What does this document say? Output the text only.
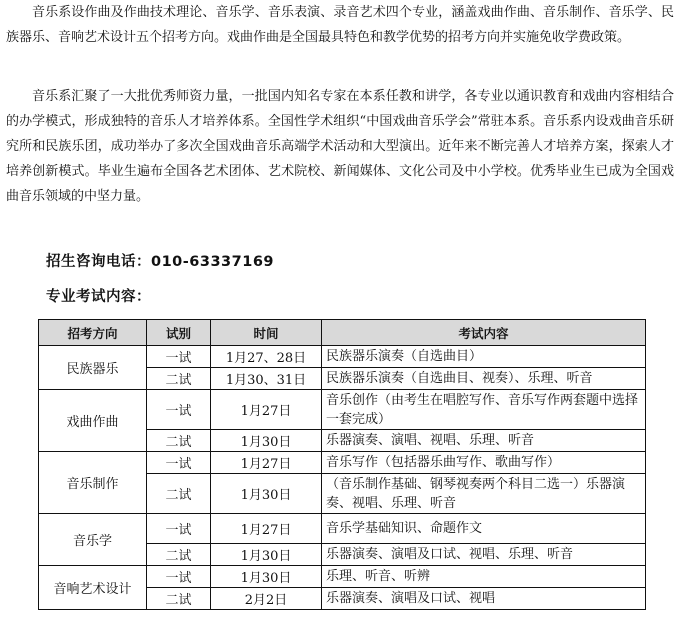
音乐系设作曲及作曲技术理论、音乐学、音乐表演、录音艺术四个专业，涵盖戏曲作曲、音乐制作、音乐学、民族器乐、音响艺术设计五个招考方向。戏曲作曲是全国最具特色和教学优势的招考方向并实施免收学费政策。

音乐系汇聚了一大批优秀师资力量，一批国内知名专家在本系任教和讲学，各专业以通识教育和戏曲内容相结合的办学模式，形成独特的音乐人才培养体系。全国性学术组织“中国戏曲音乐学会”常驻本系。音乐系内设戏曲音乐研究所和民族乐团，成功举办了多次全国戏曲音乐高端学术活动和大型演出。近年来不断完善人才培养方案，探索人才培养创新模式。毕业生遍布全国各艺术团体、艺术院校、新闻媒体、文化公司及中小学校。优秀毕业生已成为全国戏曲音乐领域的中坚力量。

招生咨询电话：010-63337169
专业考试内容：
招考方向	试别	时间	考试内容
民族器乐	一试	1月27、28日	民族器乐演奏（自选曲目）
	二试	1月30、31日	民族器乐演奏（自选曲目、视奏）、乐理、听音
戏曲作曲	一试	1月27日	音乐创作（由考生在唱腔写作、音乐写作两套题中选择一套完成）
	二试	1月30日	乐器演奏、演唱、视唱、乐理、听音
音乐制作	一试	1月27日	音乐写作（包括器乐曲写作、歌曲写作）
	二试	1月30日	（音乐制作基础、钢琴视奏两个科目二选一）乐器演奏、视唱、乐理、听音
音乐学	一试	1月27日	音乐学基础知识、命题作文
	二试	1月30日	乐器演奏、演唱及口试、视唱、乐理、听音
音响艺术设计	一试	1月30日	乐理、听音、听辨
	二试	2月2日	乐器演奏、演唱及口试、视唱
